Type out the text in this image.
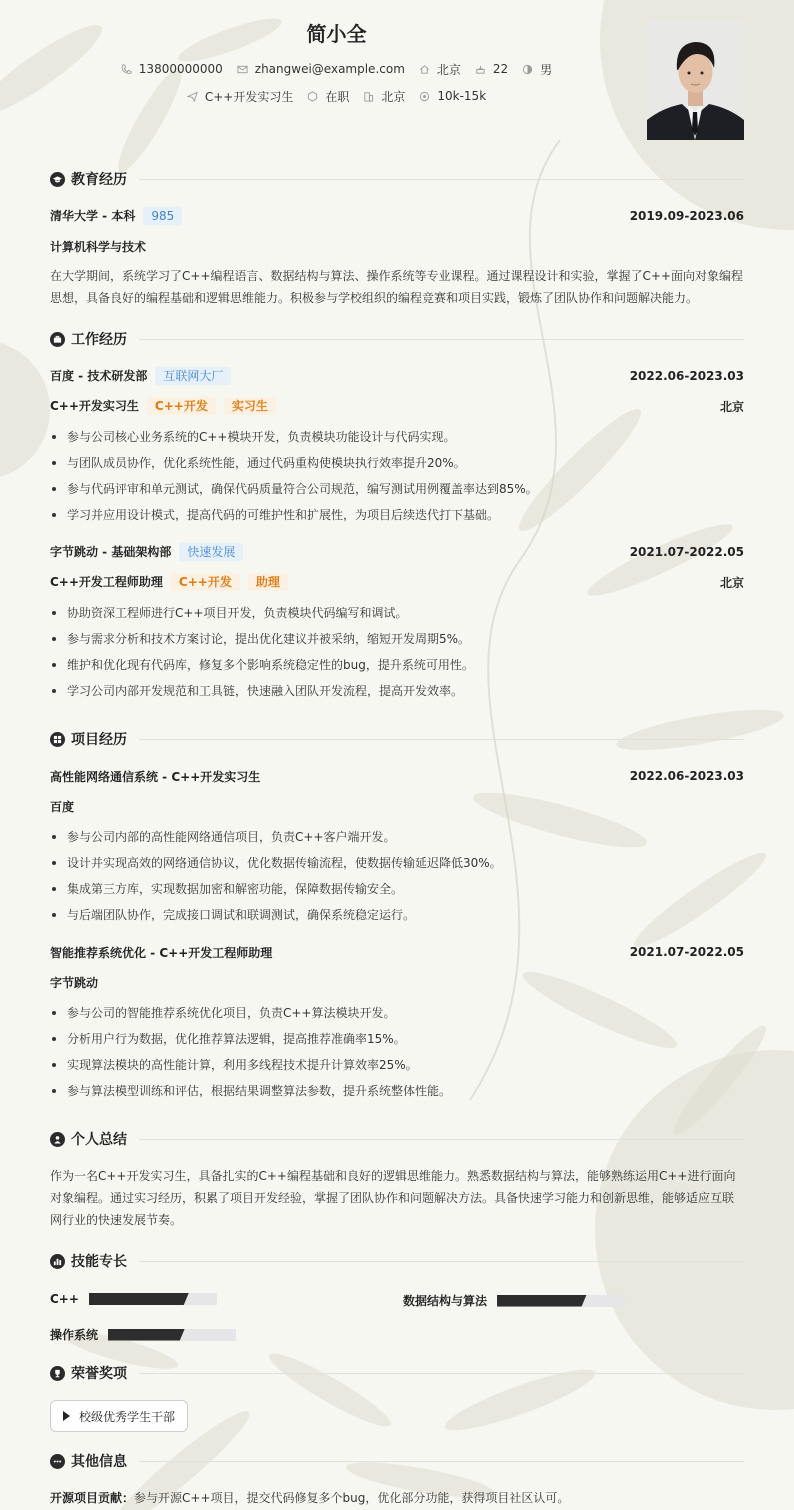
简小全
13800000000	zhangwei@example.com	北京	22	男
C++开发实习生	在职	北京	10k-15k
教育经历
清华大学 - 本科 985	2019.09-2023.06
计算机科学与技术
在大学期间，系统学习了C++编程语言、数据结构与算法、操作系统等专业课程。通过课程设计和实验，掌握了C++面向对象编程思想，具备良好的编程基础和逻辑思维能力。积极参与学校组织的编程竞赛和项目实践，锻炼了团队协作和问题解决能力。
工作经历
百度 - 技术研发部 互联网大厂	2022.06-2023.03
C++开发实习生 C++开发 实习生	北京
参与公司核心业务系统的C++模块开发，负责模块功能设计与代码实现。
与团队成员协作，优化系统性能，通过代码重构使模块执行效率提升20%。
参与代码评审和单元测试，确保代码质量符合公司规范，编写测试用例覆盖率达到85%。
学习并应用设计模式，提高代码的可维护性和扩展性，为项目后续迭代打下基础。
字节跳动 - 基础架构部 快速发展	2021.07-2022.05
C++开发工程师助理 C++开发 助理	北京
协助资深工程师进行C++项目开发，负责模块代码编写和调试。
参与需求分析和技术方案讨论，提出优化建议并被采纳，缩短开发周期5%。
维护和优化现有代码库，修复多个影响系统稳定性的bug，提升系统可用性。
学习公司内部开发规范和工具链，快速融入团队开发流程，提高开发效率。
项目经历
高性能网络通信系统 - C++开发实习生	2022.06-2023.03
百度
参与公司内部的高性能网络通信项目，负责C++客户端开发。
设计并实现高效的网络通信协议，优化数据传输流程，使数据传输延迟降低30%。
集成第三方库，实现数据加密和解密功能，保障数据传输安全。
与后端团队协作，完成接口调试和联调测试，确保系统稳定运行。
智能推荐系统优化 - C++开发工程师助理	2021.07-2022.05
字节跳动
参与公司的智能推荐系统优化项目，负责C++算法模块开发。
分析用户行为数据，优化推荐算法逻辑，提高推荐准确率15%。
实现算法模块的高性能计算，利用多线程技术提升计算效率25%。
参与算法模型训练和评估，根据结果调整算法参数，提升系统整体性能。
个人总结
作为一名C++开发实习生，具备扎实的C++编程基础和良好的逻辑思维能力。熟悉数据结构与算法，能够熟练运用C++进行面向对象编程。通过实习经历，积累了项目开发经验，掌握了团队协作和问题解决方法。具备快速学习能力和创新思维，能够适应互联网行业的快速发展节奏。
技能专长
C++	数据结构与算法
操作系统
荣誉奖项
校级优秀学生干部
其他信息
开源项目贡献：参与开源C++项目，提交代码修复多个bug，优化部分功能，获得项目社区认可。
